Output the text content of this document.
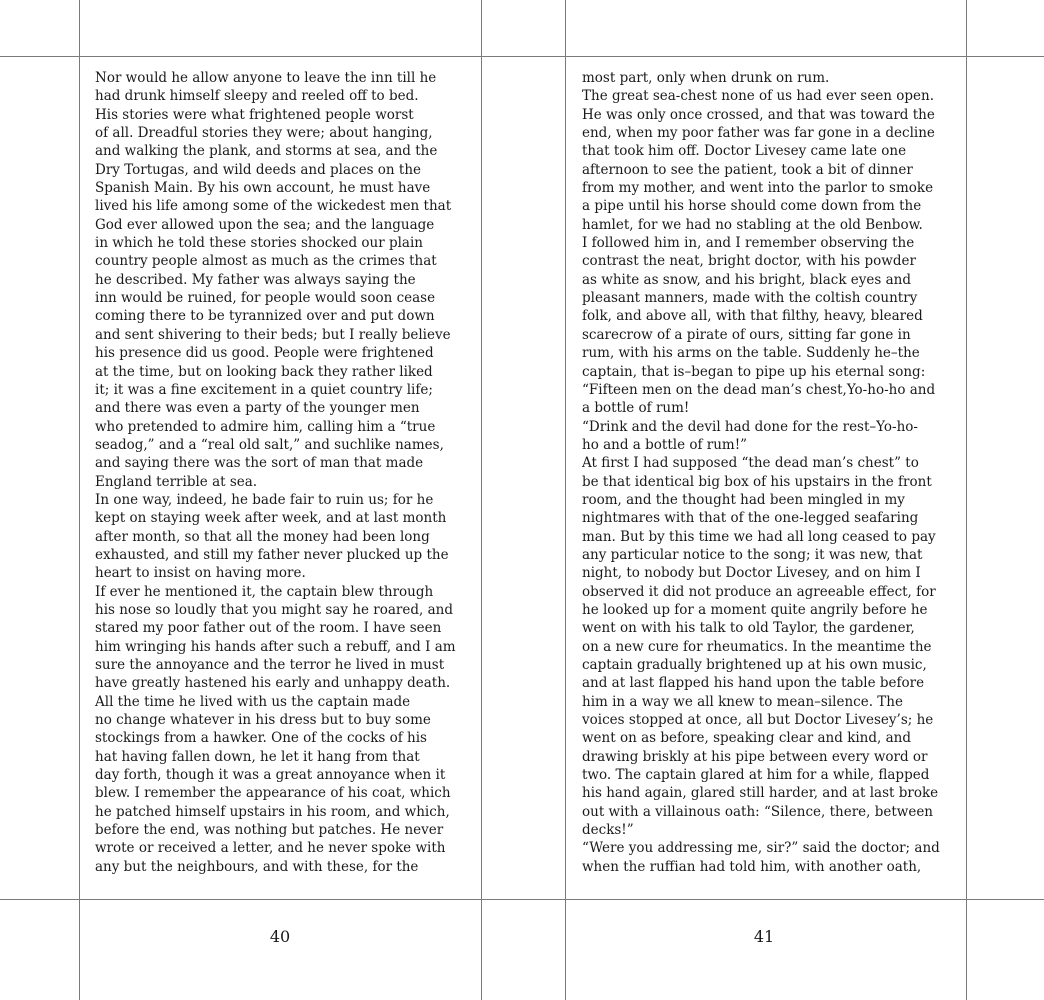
Nor would he allow anyone to leave the inn till he
had drunk himself sleepy and reeled off to bed.
His stories were what frightened people worst
of all. Dreadful stories they were; about hanging,
and walking the plank, and storms at sea, and the
Dry Tortugas, and wild deeds and places on the
Spanish Main. By his own account, he must have
lived his life among some of the wickedest men that
God ever allowed upon the sea; and the language
in which he told these stories shocked our plain
country people almost as much as the crimes that
he described. My father was always saying the
inn would be ruined, for people would soon cease
coming there to be tyrannized over and put down
and sent shivering to their beds; but I really believe
his presence did us good. People were frightened
at the time, but on looking back they rather liked
it; it was a fine excitement in a quiet country life;
and there was even a party of the younger men
who pretended to admire him, calling him a “true
seadog,” and a “real old salt,” and suchlike names,
and saying there was the sort of man that made
England terrible at sea.
In one way, indeed, he bade fair to ruin us; for he
kept on staying week after week, and at last month
after month, so that all the money had been long
exhausted, and still my father never plucked up the
heart to insist on having more.
If ever he mentioned it, the captain blew through
his nose so loudly that you might say he roared, and
stared my poor father out of the room. I have seen
him wringing his hands after such a rebuff, and I am
sure the annoyance and the terror he lived in must
have greatly hastened his early and unhappy death.
All the time he lived with us the captain made
no change whatever in his dress but to buy some
stockings from a hawker. One of the cocks of his
hat having fallen down, he let it hang from that
day forth, though it was a great annoyance when it
blew. I remember the appearance of his coat, which
he patched himself upstairs in his room, and which,
before the end, was nothing but patches. He never
wrote or received a letter, and he never spoke with
any but the neighbours, and with these, for the
40
most part, only when drunk on rum.
The great sea-chest none of us had ever seen open.
He was only once crossed, and that was toward the
end, when my poor father was far gone in a decline
that took him off. Doctor Livesey came late one
afternoon to see the patient, took a bit of dinner
from my mother, and went into the parlor to smoke
a pipe until his horse should come down from the
hamlet, for we had no stabling at the old Benbow.
I followed him in, and I remember observing the
contrast the neat, bright doctor, with his powder
as white as snow, and his bright, black eyes and
pleasant manners, made with the coltish country
folk, and above all, with that filthy, heavy, bleared
scarecrow of a pirate of ours, sitting far gone in
rum, with his arms on the table. Suddenly he–the
captain, that is–began to pipe up his eternal song:
“Fifteen men on the dead man’s chest,Yo-ho-ho and
a bottle of rum!
“Drink and the devil had done for the rest–Yo-ho-
ho and a bottle of rum!”
At first I had supposed “the dead man’s chest” to
be that identical big box of his upstairs in the front
room, and the thought had been mingled in my
nightmares with that of the one-legged seafaring
man. But by this time we had all long ceased to pay
any particular notice to the song; it was new, that
night, to nobody but Doctor Livesey, and on him I
observed it did not produce an agreeable effect, for
he looked up for a moment quite angrily before he
went on with his talk to old Taylor, the gardener,
on a new cure for rheumatics. In the meantime the
captain gradually brightened up at his own music,
and at last flapped his hand upon the table before
him in a way we all knew to mean–silence. The
voices stopped at once, all but Doctor Livesey’s; he
went on as before, speaking clear and kind, and
drawing briskly at his pipe between every word or
two. The captain glared at him for a while, flapped
his hand again, glared still harder, and at last broke
out with a villainous oath: “Silence, there, between
decks!”
“Were you addressing me, sir?” said the doctor; and
when the ruffian had told him, with another oath,
41
